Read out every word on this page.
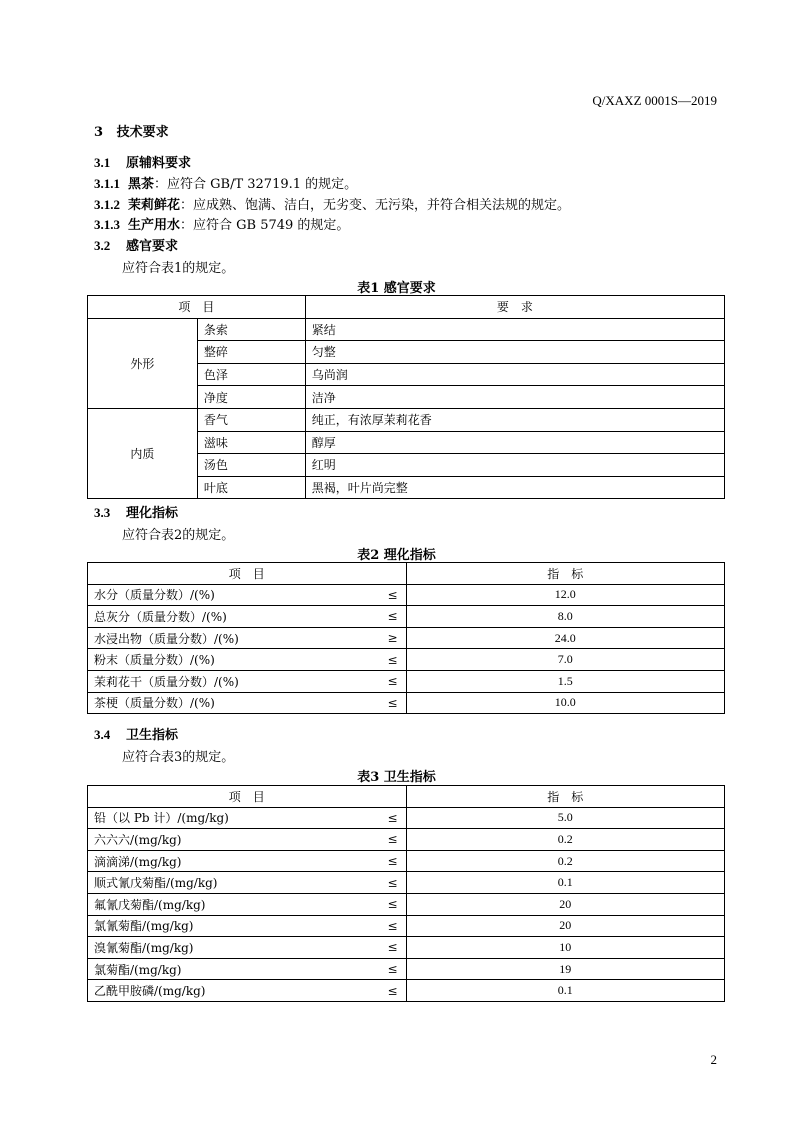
Q/XAXZ 0001S—2019
3 技术要求
3.1 原辅料要求
3.1.1 黑茶：应符合 GB/T 32719.1 的规定。
3.1.2 茉莉鲜花：应成熟、饱满、洁白，无劣变、无污染，并符合相关法规的规定。
3.1.3 生产用水：应符合 GB 5749 的规定。
3.2 感官要求
应符合表1的规定。
表1 感官要求
项　目		要　求
外形	条索	紧结
	整碎	匀整
	色泽	乌尚润
	净度	洁净
内质	香气	纯正，有浓厚茉莉花香
	滋味	醇厚
	汤色	红明
	叶底	黑褐，叶片尚完整
3.3 理化指标
应符合表2的规定。
表2 理化指标
项　目		指　标
水分（质量分数）/(%)	≤	12.0
总灰分（质量分数）/(%)	≤	8.0
水浸出物（质量分数）/(%)	≥	24.0
粉末（质量分数）/(%)	≤	7.0
茉莉花干（质量分数）/(%)	≤	1.5
茶梗（质量分数）/(%)	≤	10.0
3.4 卫生指标
应符合表3的规定。
表3 卫生指标
项　目		指　标
铅（以 Pb 计）/(mg/kg)	≤	5.0
六六六/(mg/kg)	≤	0.2
滴滴涕/(mg/kg)	≤	0.2
顺式氰戊菊酯/(mg/kg)	≤	0.1
氟氰戊菊酯/(mg/kg)	≤	20
氯氰菊酯/(mg/kg)	≤	20
溴氰菊酯/(mg/kg)	≤	10
氯菊酯/(mg/kg)	≤	19
乙酰甲胺磷/(mg/kg)	≤	0.1
2
